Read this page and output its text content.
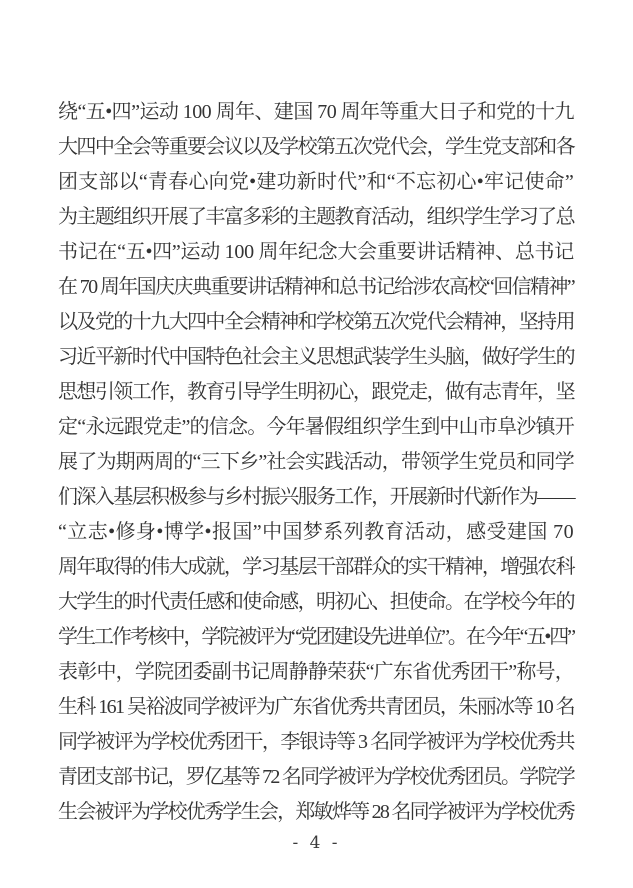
绕“五•四”运动 100 周年、建国 70 周年等重大日子和党的十九
大四中全会等重要会议以及学校第五次党代会，学生党支部和各
团支部以“青春心向党•建功新时代”和“不忘初心•牢记使命”
为主题组织开展了丰富多彩的主题教育活动，组织学生学习了总
书记在“五•四”运动 100 周年纪念大会重要讲话精神、总书记
在 70 周年国庆庆典重要讲话精神和总书记给涉农高校“回信精神”
以及党的十九大四中全会精神和学校第五次党代会精神，坚持用
习近平新时代中国特色社会主义思想武装学生头脑，做好学生的
思想引领工作，教育引导学生明初心，跟党走，做有志青年，坚
定“永远跟党走”的信念。今年暑假组织学生到中山市阜沙镇开
展了为期两周的“三下乡”社会实践活动，带领学生党员和同学
们深入基层积极参与乡村振兴服务工作，开展新时代新作为——
“立志•修身•博学•报国”中国梦系列教育活动，感受建国 70
周年取得的伟大成就，学习基层干部群众的实干精神，增强农科
大学生的时代责任感和使命感，明初心、担使命。在学校今年的
学生工作考核中，学院被评为“党团建设先进单位”。在今年“五•四”
表彰中，学院团委副书记周静静荣获“广东省优秀团干”称号，
生科 161 吴裕波同学被评为广东省优秀共青团员，朱丽冰等 10 名
同学被评为学校优秀团干，李银诗等 3 名同学被评为学校优秀共
青团支部书记，罗亿基等 72 名同学被评为学校优秀团员。学院学
生会被评为学校优秀学生会，郑敏烨等 28 名同学被评为学校优秀
- 4 -
